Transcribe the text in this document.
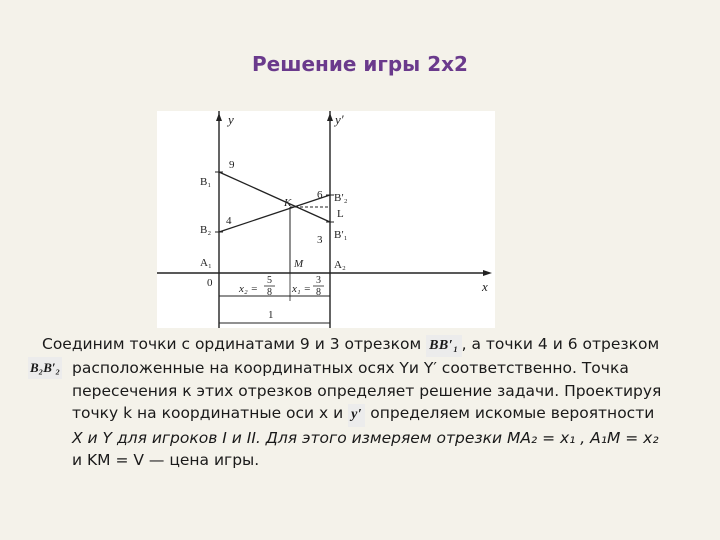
Решение игры 2х2
y	y′
x
B₁
B₂
A₁
0
B′₂
B′₁
A₂
L
9
4
6
3
K
M
x₂ =
5
8 x₁ =
3
8
1
Соединим точки с ординатами 9 и 3 отрезком BB′₁ , а точки 4 и 6 отрезком
B₂B′₂ расположенные на координатных осях Yи Y′ соответственно. Точка
пересечения к этих отрезков определяет решение задачи. Проектируя
точку k на координатные оси x и y′ определяем искомые вероятности
X и Y для игроков I и II. Для этого измеряем отрезки MA₂ = x₁ , A₁M = x₂
и KM = V — цена игры.
